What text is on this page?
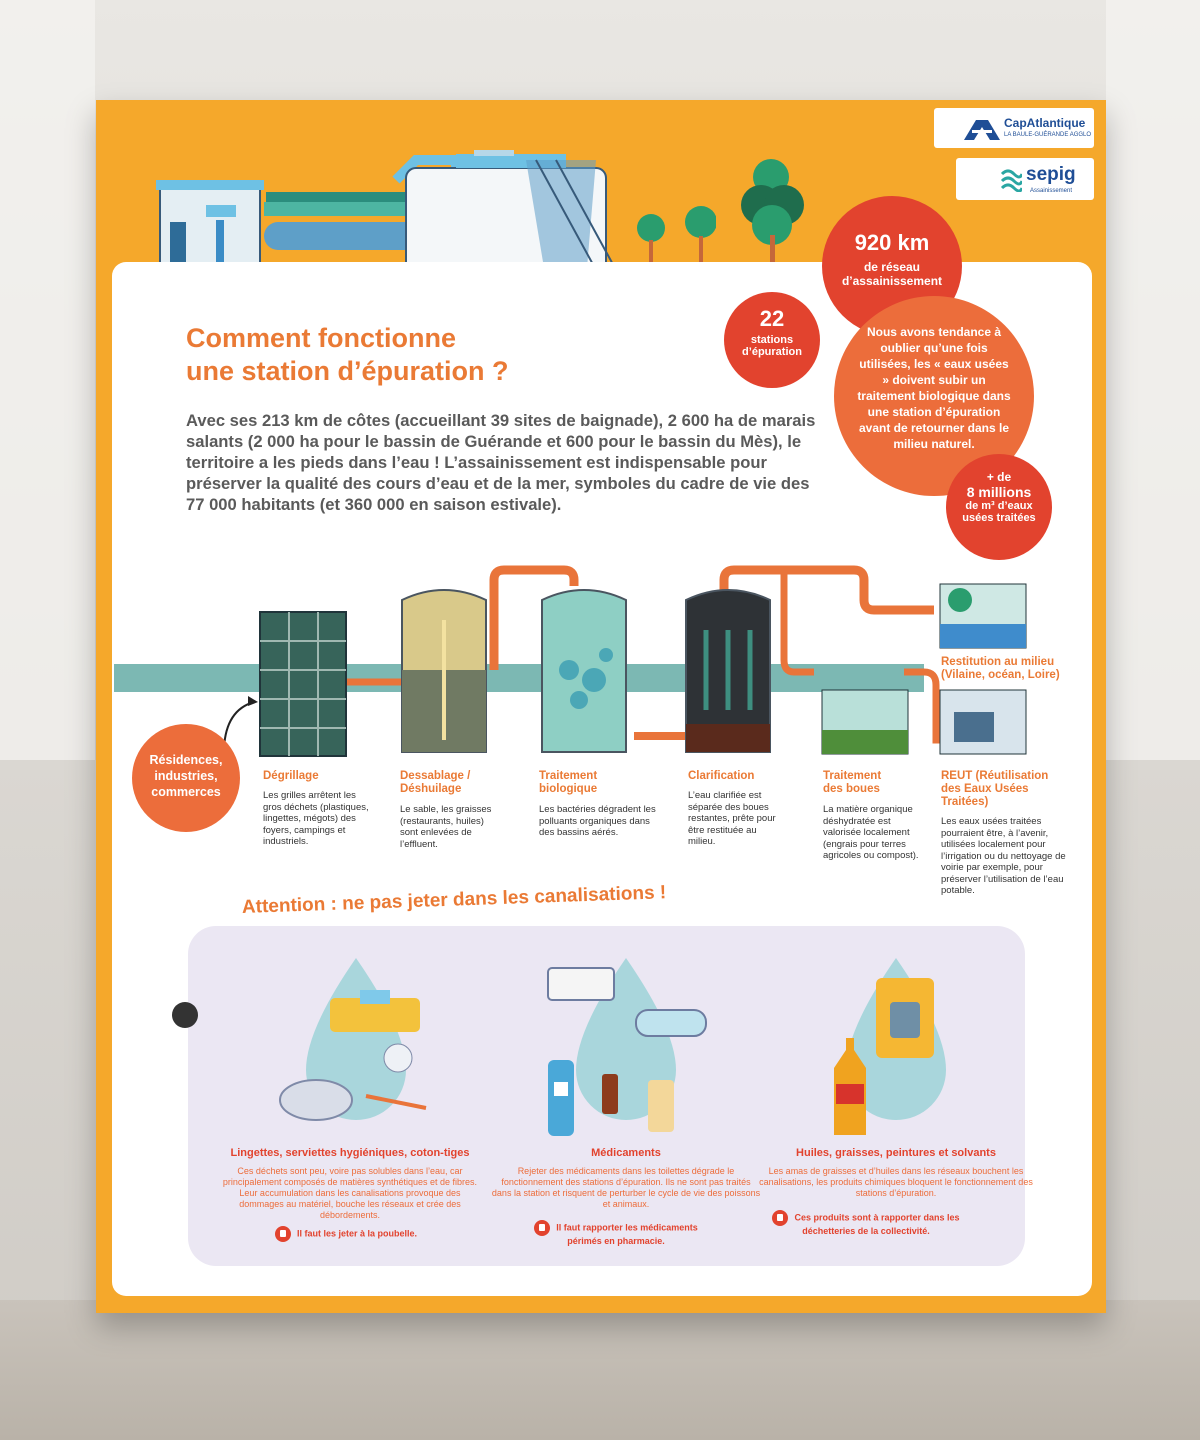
CapAtlantique
LA BAULE-GUÉRANDE AGGLO
sepig
Assainissement
Comment fonctionne
une station d’épuration ?

Avec ses 213 km de côtes (accueillant 39 sites de baignade), 2 600 ha de marais salants (2 000 ha pour le bassin de Guérande et 600 pour le bassin du Mès), le territoire a les pieds dans l’eau ! L’assainissement est indispensable pour préserver la qualité des cours d’eau et de la mer, symboles du cadre de vie des 77 000 habitants (et 360 000 en saison estivale).

920 km
de réseau
d’assainissement
22
stations
d’épuration
Nous avons tendance à oublier qu’une fois utilisées, les « eaux usées » doivent subir un traitement biologique dans une station d’épuration avant de retourner dans le milieu naturel.
+ de
8 millions
de m³ d’eaux
usées traitées
Résidences, industries, commerces
Dégrillage
Les grilles arrêtent les gros déchets (plastiques, lingettes, mégots) des foyers, campings et industriels.
Dessablage / Déshuilage
Le sable, les graisses (restaurants, huiles) sont enlevées de l’effluent.
Traitement biologique
Les bactéries dégradent les polluants organiques dans des bassins aérés.
Clarification
L’eau clarifiée est séparée des boues restantes, prête pour être restituée au milieu.
Traitement des boues
La matière organique déshydratée est valorisée localement (engrais pour terres agricoles ou compost).
REUT (Réutilisation des Eaux Usées Traitées)
Les eaux usées traitées pourraient être, à l’avenir, utilisées localement pour l’irrigation ou du nettoyage de voirie par exemple, pour préserver l’utilisation de l’eau potable.
Restitution au milieu (Vilaine, océan, Loire)
Attention : ne pas jeter dans les canalisations !
Lingettes, serviettes hygiéniques, coton-tiges
Ces déchets sont peu, voire pas solubles dans l’eau, car principalement composés de matières synthétiques et de fibres. Leur accumulation dans les canalisations provoque des dommages au matériel, bouche les réseaux et crée des débordements.
Il faut les jeter à la poubelle.
Médicaments
Rejeter des médicaments dans les toilettes dégrade le fonctionnement des stations d’épuration. Ils ne sont pas traités dans la station et risquent de perturber le cycle de vie des poissons et animaux.
Il faut rapporter les médicaments périmés en pharmacie.
Huiles, graisses, peintures et solvants
Les amas de graisses et d’huiles dans les réseaux bouchent les canalisations, les produits chimiques bloquent le fonctionnement des stations d’épuration.
Ces produits sont à rapporter dans les déchetteries de la collectivité.
